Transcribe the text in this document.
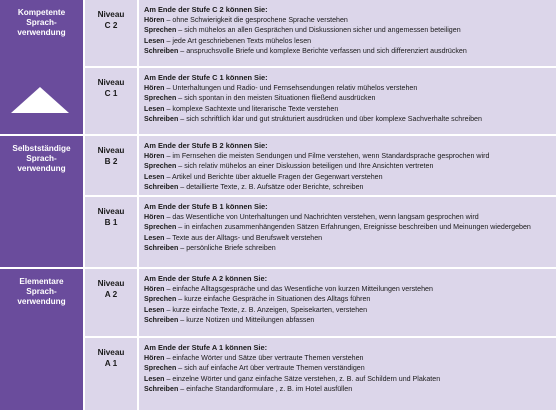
Kompetente
Sprach-
verwendung
Selbstständige
Sprach-
verwendung
Elementare
Sprach-
verwendung
Niveau
C 2
Am Ende der Stufe C 2 können Sie:
Hören – ohne Schwierigkeit die gesprochene Sprache verstehen
Sprechen – sich mühelos an allen Gesprächen und Diskussionen sicher und angemessen beteiligen
Lesen – jede Art geschriebenen Texts mühelos lesen
Schreiben – anspruchsvolle Briefe und komplexe Berichte verfassen und sich differenziert ausdrücken
Niveau
C 1
Am Ende der Stufe C 1 können Sie:
Hören – Unterhaltungen und Radio- und Fernsehsendungen relativ mühelos verstehen
Sprechen – sich spontan in den meisten Situationen fließend ausdrücken
Lesen – komplexe Sachtexte und literarische Texte verstehen
Schreiben – sich schriftlich klar und gut strukturiert ausdrücken und über komplexe Sachverhalte schreiben
Niveau
B 2
Am Ende der Stufe B 2 können Sie:
Hören – im Fernsehen die meisten Sendungen und Filme verstehen, wenn Standardsprache gesprochen wird
Sprechen – sich relativ mühelos an einer Diskussion beteiligen und Ihre Ansichten vertreten
Lesen – Artikel und Berichte über aktuelle Fragen der Gegenwart verstehen
Schreiben – detaillierte Texte, z. B. Aufsätze oder Berichte, schreiben
Niveau
B 1
Am Ende der Stufe B 1 können Sie:
Hören – das Wesentliche von Unterhaltungen und Nachrichten verstehen, wenn langsam gesprochen wird
Sprechen – in einfachen zusammenhängenden Sätzen Erfahrungen, Ereignisse beschreiben und Meinungen wiedergeben
Lesen – Texte aus der Alltags- und Berufswelt verstehen
Schreiben – persönliche Briefe schreiben
Niveau
A 2
Am Ende der Stufe A 2 können Sie:
Hören – einfache Alltagsgespräche und das Wesentliche von kurzen Mitteilungen verstehen
Sprechen – kurze einfache Gespräche in Situationen des Alltags führen
Lesen – kurze einfache Texte, z. B. Anzeigen, Speisekarten, verstehen
Schreiben – kurze Notizen und Mitteilungen abfassen
Niveau
A 1
Am Ende der Stufe A 1 können Sie:
Hören – einfache Wörter und Sätze über vertraute Themen verstehen
Sprechen – sich auf einfache Art über vertraute Themen verständigen
Lesen – einzelne Wörter und ganz einfache Sätze verstehen, z. B. auf Schildern und Plakaten
Schreiben – einfache Standardformulare , z. B. im Hotel ausfüllen
